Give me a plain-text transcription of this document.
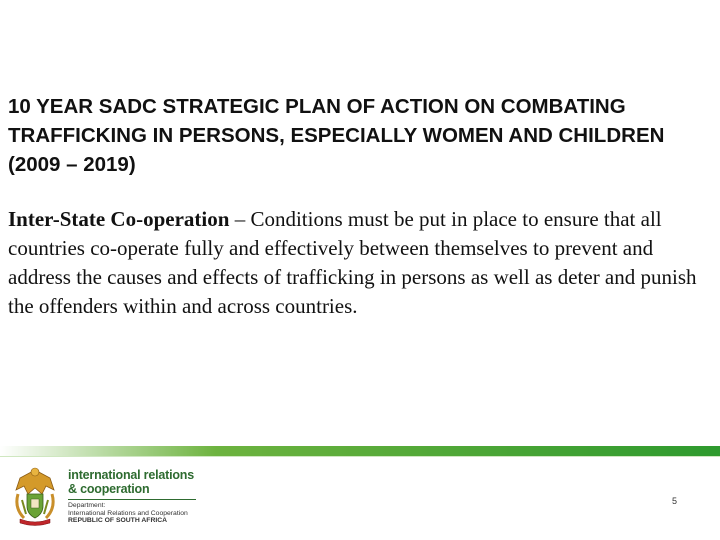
10 YEAR SADC STRATEGIC PLAN OF ACTION ON COMBATING TRAFFICKING IN PERSONS, ESPECIALLY WOMEN AND CHILDREN (2009 – 2019)

Inter-State Co-operation – Conditions must be put in place to ensure that all countries co-operate fully and effectively between themselves to prevent and address the causes and effects of trafficking in persons as well as deter and punish the offenders within and across countries.

international relations
& cooperation
Department:
International Relations and Cooperation
REPUBLIC OF SOUTH AFRICA
5
